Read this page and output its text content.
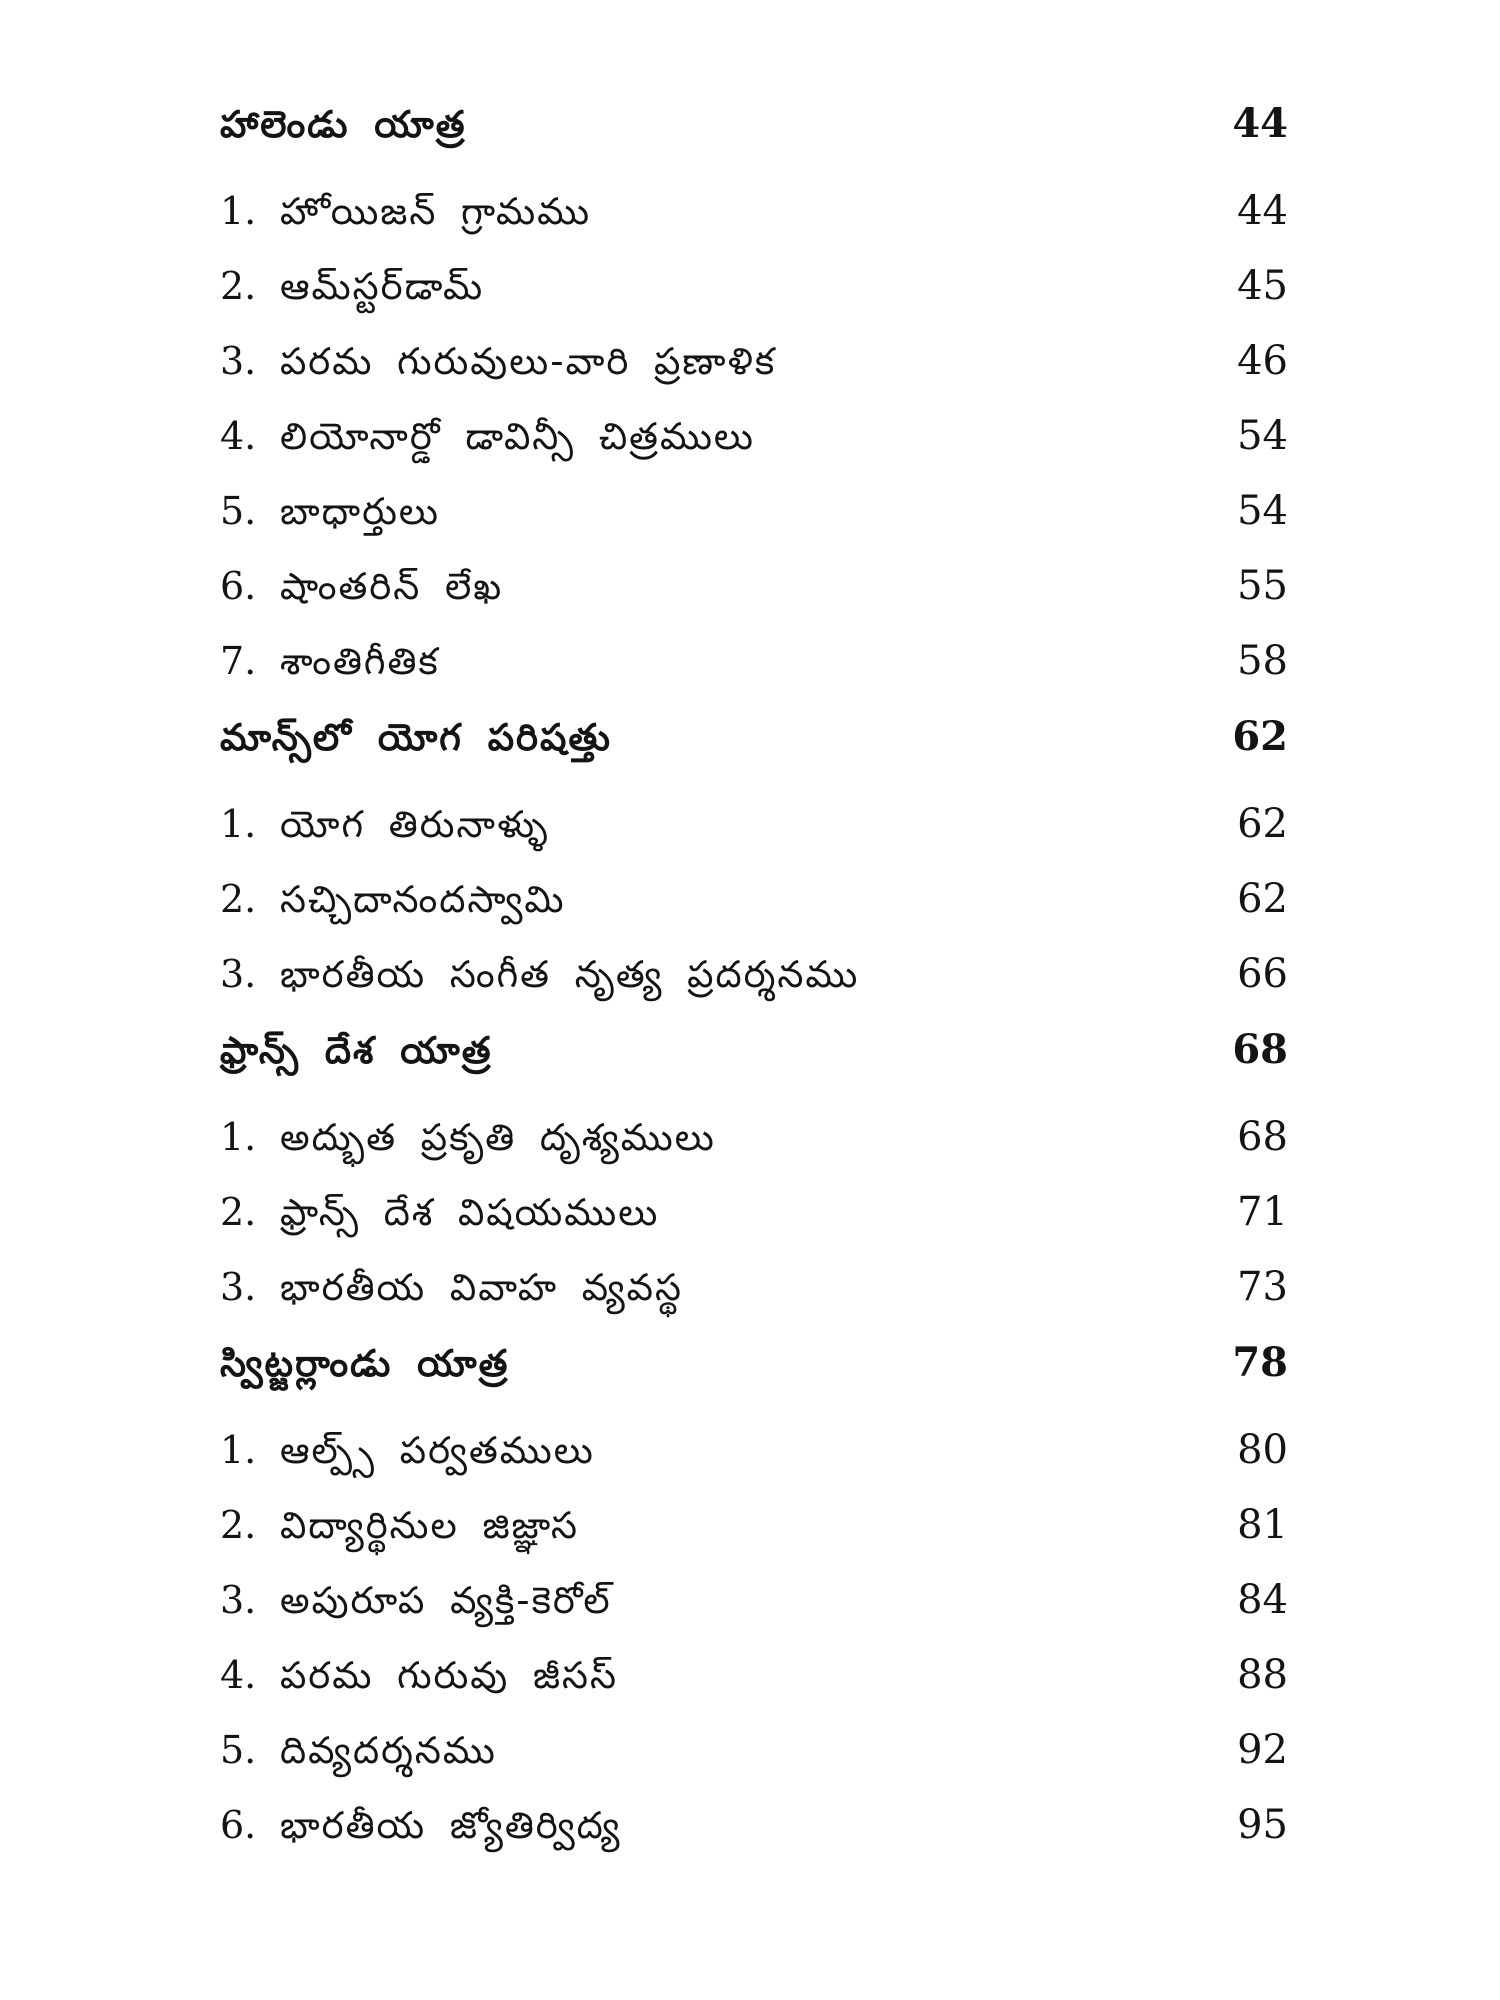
హాలెండు యాత్ర	44
1. హోయిజన్ గ్రామము	44
2. ఆమ్‌స్టర్‌డామ్	45
3. పరమ గురువులు-వారి ప్రణాళిక	46
4. లియోనార్డో డావిన్సీ చిత్రములు	54
5. బాధార్తులు	54
6. షాంతరిన్ లేఖ	55
7. శాంతిగీతిక	58
మాన్స్‌లో యోగ పరిషత్తు	62
1. యోగ తిరునాళ్ళు	62
2. సచ్చిదానందస్వామి	62
3. భారతీయ సంగీత నృత్య ప్రదర్శనము	66
ఫ్రాన్స్ దేశ యాత్ర	68
1. అద్భుత ప్రకృతి దృశ్యములు	68
2. ఫ్రాన్స్ దేశ విషయములు	71
3. భారతీయ వివాహ వ్యవస్థ	73
స్విట్జర్లాండు యాత్ర	78
1. ఆల్ప్స్ పర్వతములు	80
2. విద్యార్థినుల జిజ్ఞాస	81
3. అపురూప వ్యక్తి-కెరోల్	84
4. పరమ గురువు జీసస్	88
5. దివ్యదర్శనము	92
6. భారతీయ జ్యోతిర్విద్య	95
